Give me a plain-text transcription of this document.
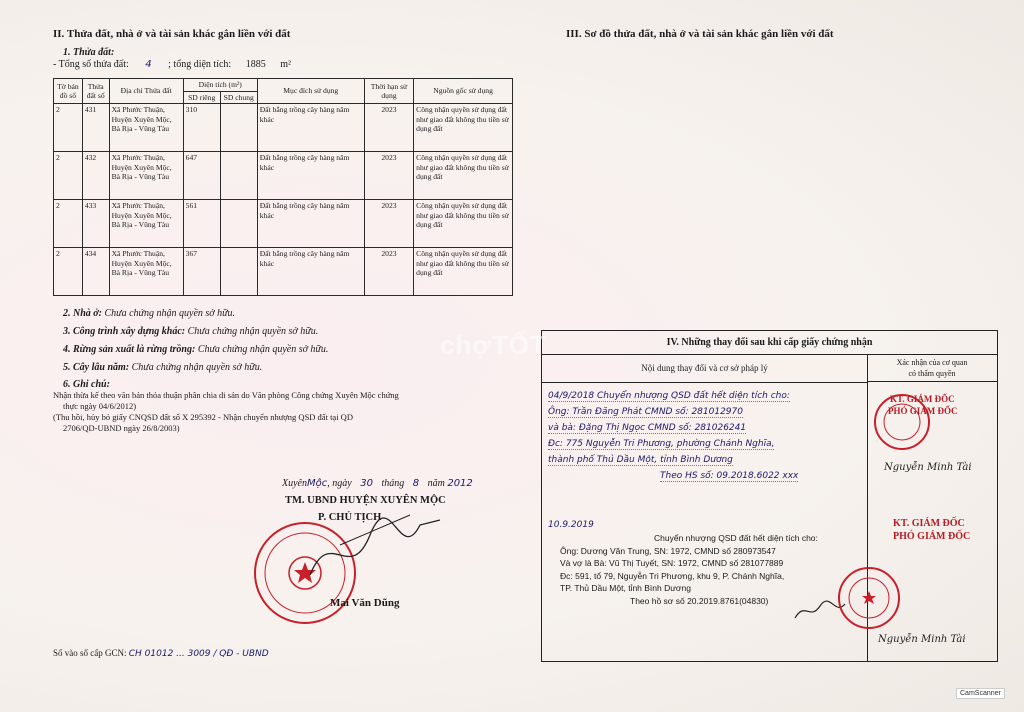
II. Thửa đất, nhà ở và tài sản khác gắn liền với đất
1. Thửa đất:
- Tổng số thửa đất: 4 ; tổng diện tích: 1885 m²
Tờ bản đồ số	Thửa đất số	Địa chỉ Thửa đất	Diện tích (m²)		Mục đích sử dụng	Thời hạn sử dụng	Nguồn gốc sử dụng
			SD riêng	SD chung			
2	431	Xã Phước Thuận, Huyện Xuyên Mộc, Bà Rịa - Vũng Tàu	310		Đất bằng trồng cây hàng năm khác	2023	Công nhận quyền sử dụng đất như giao đất không thu tiền sử dụng đất
2	432	Xã Phước Thuận, Huyện Xuyên Mộc, Bà Rịa - Vũng Tàu	647		Đất bằng trồng cây hàng năm khác	2023	Công nhận quyền sử dụng đất như giao đất không thu tiền sử dụng đất
2	433	Xã Phước Thuận, Huyện Xuyên Mộc, Bà Rịa - Vũng Tàu	561		Đất bằng trồng cây hàng năm khác	2023	Công nhận quyền sử dụng đất như giao đất không thu tiền sử dụng đất
2	434	Xã Phước Thuận, Huyện Xuyên Mộc, Bà Rịa - Vũng Tàu	367		Đất bằng trồng cây hàng năm khác	2023	Công nhận quyền sử dụng đất như giao đất không thu tiền sử dụng đất
2. Nhà ở: Chưa chứng nhận quyền sở hữu.
3. Công trình xây dựng khác: Chưa chứng nhận quyền sở hữu.
4. Rừng sản xuất là rừng trồng: Chưa chứng nhận quyền sở hữu.
5. Cây lâu năm: Chưa chứng nhận quyền sở hữu.
6. Ghi chú:
Nhận thừa kế theo văn bản thỏa thuận phân chia di sản do Văn phòng Công chứng Xuyên Mộc chứng
thực ngày 04/6/2012)
(Thu hồi, hủy bỏ giấy CNQSD đất số X 295392 - Nhận chuyển nhượng QSD đất tại QD
2706/QD-UBND ngày 26/8/2003)
XuyênMộc, ngày 30 tháng 8 năm 2012
TM. UBND HUYỆN XUYÊN MỘC
P. CHỦ TỊCH
Mai Văn Dũng
Số vào sổ cấp GCN: CH 01012 ... 3009 / QĐ - UBND
III. Sơ đồ thửa đất, nhà ở và tài sản khác gắn liền với đất
IV. Những thay đổi sau khi cấp giấy chứng nhận
Nội dung thay đổi và cơ sở pháp lý
Xác nhận của cơ quan
có thẩm quyền
04/9/2018 Chuyển nhượng QSD đất hết diện tích cho:
Ông: Trần Đăng Phát CMND số: 281012970
và bà: Đặng Thị Ngọc CMND số: 281026241
Đc: 775 Nguyễn Tri Phương, phường Chánh Nghĩa,
thành phố Thủ Dầu Một, tỉnh Bình Dương
Theo HS số: 09.2018.6022 xxx
KT. GIÁM ĐỐC
PHÓ GIÁM ĐỐC
Nguyễn Minh Tài
10.9.2019
Chuyển nhượng QSD đất hết diện tích cho:
Ông: Dương Văn Trung, SN: 1972, CMND số 280973547
Và vợ là Bà: Vũ Thị Tuyết, SN: 1972, CMND số 281077889
Đc: 591, tổ 79, Nguyễn Tri Phương, khu 9, P. Chánh Nghĩa,
TP. Thủ Dầu Một, tỉnh Bình Dương
Theo hồ sơ số 20.2019.8761(04830)
KT. GIÁM ĐỐC
PHÓ GIÁM ĐỐC
Nguyễn Minh Tài
chợTỐT
CamScanner
